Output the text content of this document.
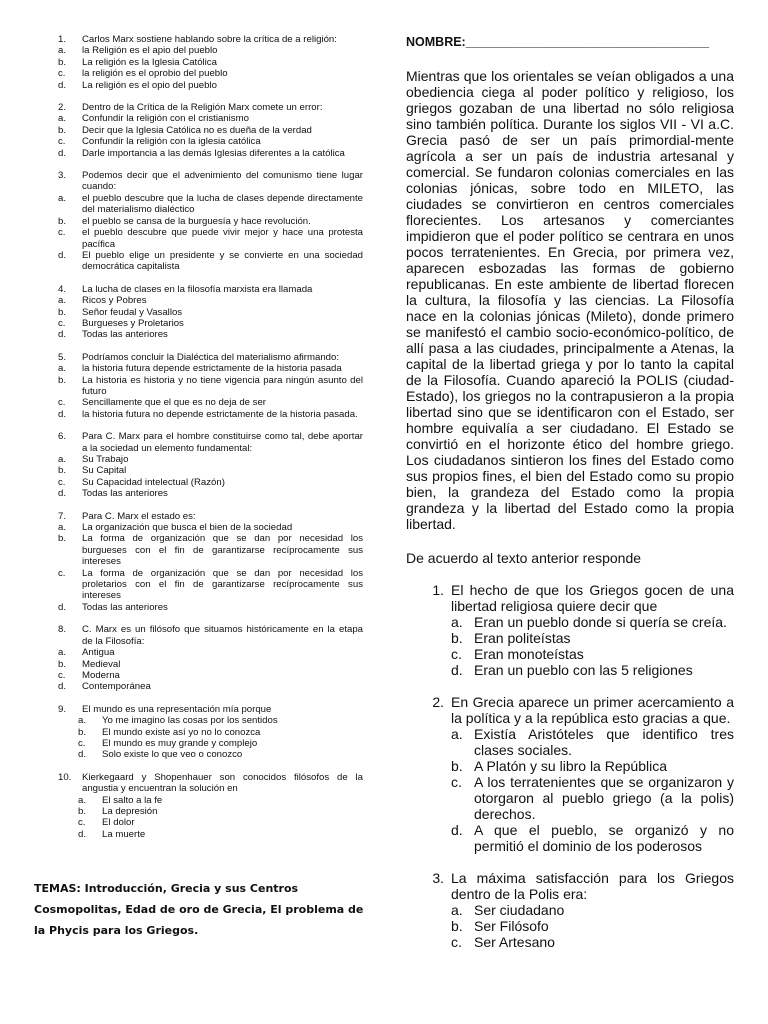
1.	Carlos Marx sostiene hablando sobre la crítica de a religión:
a.	la Religión es el apio del pueblo
b.	La religión es la Iglesia Católica
c.	la religión es el oprobio del pueblo
d.	La religión es el opio del pueblo
2.	Dentro de la Crítica de la Religión Marx comete un error:
a.	Confundir la religión con el cristianismo
b.	Decir que la Iglesia Católica no es dueña de la verdad
c.	Confundir la religión con la iglesia católica
d.	Darle importancia a las demás Iglesias diferentes a la católica
3.	Podemos decir que el advenimiento del comunismo tiene lugar cuando:
a.	el pueblo descubre que la lucha de clases depende directamente del materialismo dialéctico
b.	el pueblo se cansa de la burguesía y hace revolución.
c.	el pueblo descubre que puede vivir mejor y hace una protesta pacífica
d.	El pueblo elige un presidente y se convierte en una sociedad democrática capitalista
4.	La lucha de clases en la filosofía marxista era llamada
a.	Ricos y Pobres
b.	Señor feudal y Vasallos
c.	Burgueses y Proletarios
d.	Todas las anteriores
5.	Podríamos concluir la Dialéctica del materialismo afirmando:
a.	la historia futura depende estrictamente de la historia pasada
b.	La historia es historia y no tiene vigencia para ningún asunto del futuro
c.	Sencillamente que el que es no deja de ser
d.	la historia futura no depende estrictamente de la historia pasada.
6.	Para C. Marx para el hombre constituirse como tal, debe aportar a la sociedad un elemento fundamental:
a.	Su Trabajo
b.	Su Capital
c.	Su Capacidad intelectual (Razón)
d.	Todas las anteriores
7.	Para C. Marx el estado es:
a.	La organización que busca el bien de la sociedad
b.	La forma de organización que se dan por necesidad los burgueses con el fin de garantizarse recíprocamente sus intereses
c.	La forma de organización que se dan por necesidad los proletarios con el fin de garantizarse recíprocamente sus intereses
d.	Todas las anteriores
8.	C. Marx es un filósofo que situamos históricamente en la etapa de la Filosofía:
a.	Antigua
b.	Medieval
c.	Moderna
d.	Contemporánea
9.	El mundo es una representación mía porque
a.	Yo me imagino las cosas por los sentidos
b.	El mundo existe así yo no lo conozca
c.	El mundo es muy grande y complejo
d.	Solo existe lo que veo o conozco
10.	Kierkegaard y Shopenhauer son conocidos filósofos de la angustia y encuentran la solución en
a.	El salto a la fe
b.	La depresión
c.	El dolor
d.	La muerte
TEMAS: Introducción, Grecia y sus Centros Cosmopolitas, Edad de oro de Grecia, El problema de la Phycis para los Griegos.
NOMBRE:___________________________________

Mientras que los orientales se veían obligados a una obediencia ciega al poder político y religioso, los griegos gozaban de una libertad no sólo religiosa sino también política. Durante los siglos VII - VI a.C. Grecia pasó de ser un país primordial-mente agrícola a ser un país de industria artesanal y comercial. Se fundaron colonias comerciales en las colonias jónicas, sobre todo en MILETO, las ciudades se convirtieron en centros comerciales florecientes. Los artesanos y comerciantes impidieron que el poder político se centrara en unos pocos terratenientes. En Grecia, por primera vez, aparecen esbozadas las formas de gobierno republicanas. En este ambiente de libertad florecen la cultura, la filosofía y las ciencias. La Filosofía nace en la colonias jónicas (Mileto), donde primero se manifestó el cambio socio-económico-político, de allí pasa a las ciudades, principalmente a Atenas, la capital de la libertad griega y por lo tanto la capital de la Filosofía. Cuando apareció la POLIS (ciudad-Estado), los griegos no la contrapusieron a la propia libertad sino que se identificaron con el Estado, ser hombre equivalía a ser ciudadano. El Estado se convirtió en el horizonte ético del hombre griego. Los ciudadanos sintieron los fines del Estado como sus propios fines, el bien del Estado como su propio bien, la grandeza del Estado como la propia grandeza y la libertad del Estado como la propia libertad.

De acuerdo al texto anterior responde

1. El hecho de que los Griegos gocen de una libertad religiosa quiere decir que
a. Eran un pueblo donde si quería se creía.
b. Eran politeístas
c. Eran monoteístas
d. Eran un pueblo con las 5 religiones
2. En Grecia aparece un primer acercamiento a la política y a la república esto gracias a que.
a. Existía Aristóteles que identifico tres clases sociales.
b. A Platón y su libro la República
c. A los terratenientes que se organizaron y otorgaron al pueblo griego (a la polis) derechos.
d. A que el pueblo, se organizó y no permitió el dominio de los poderosos
3. La máxima satisfacción para los Griegos dentro de la Polis era:
a. Ser ciudadano
b. Ser Filósofo
c. Ser Artesano
